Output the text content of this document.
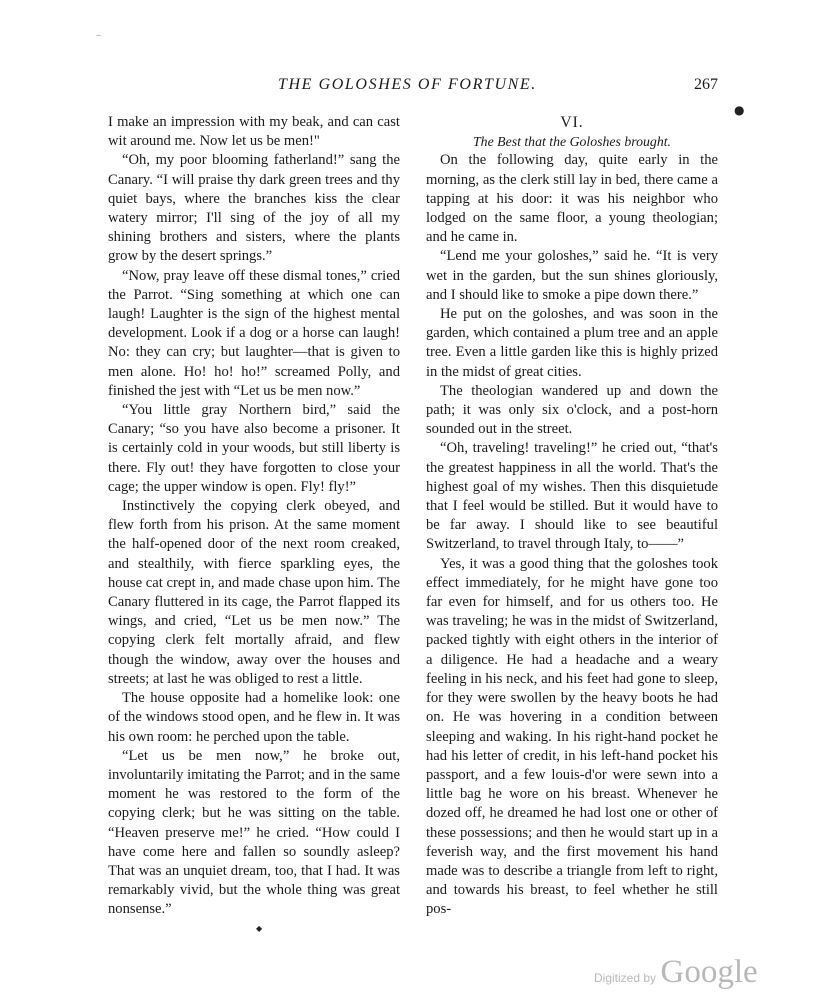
THE GOLOSHES OF FORTUNE.	267
●
–

I make an impression with my beak, and can cast wit around me. Now let us be men!"

“Oh, my poor blooming fatherland!” sang the Canary. “I will praise thy dark green trees and thy quiet bays, where the branches kiss the clear watery mirror; I'll sing of the joy of all my shining brothers and sisters, where the plants grow by the desert springs.”

“Now, pray leave off these dismal tones,” cried the Parrot. “Sing something at which one can laugh! Laughter is the sign of the highest mental development. Look if a dog or a horse can laugh! No: they can cry; but laughter—that is given to men alone. Ho! ho! ho!” screamed Polly, and finished the jest with “Let us be men now.”

“You little gray Northern bird,” said the Canary; “so you have also become a prisoner. It is certainly cold in your woods, but still liberty is there. Fly out! they have forgotten to close your cage; the upper window is open. Fly! fly!”

Instinctively the copying clerk obeyed, and flew forth from his prison. At the same moment the half-opened door of the next room creaked, and stealthily, with fierce sparkling eyes, the house cat crept in, and made chase upon him. The Canary fluttered in its cage, the Parrot flapped its wings, and cried, “Let us be men now.” The copying clerk felt mortally afraid, and flew though the window, away over the houses and streets; at last he was obliged to rest a little.

The house opposite had a homelike look: one of the windows stood open, and he flew in. It was his own room: he perched upon the table.

“Let us be men now,” he broke out, involuntarily imitating the Parrot; and in the same moment he was restored to the form of the copying clerk; but he was sitting on the table. “Heaven preserve me!” he cried. “How could I have come here and fallen so soundly asleep? That was an unquiet dream, too, that I had. It was remarkably vivid, but the whole thing was great nonsense.”

VI.

The Best that the Goloshes brought.

On the following day, quite early in the morning, as the clerk still lay in bed, there came a tapping at his door: it was his neighbor who lodged on the same floor, a young theologian; and he came in.

“Lend me your goloshes,” said he. “It is very wet in the garden, but the sun shines gloriously, and I should like to smoke a pipe down there.”

He put on the goloshes, and was soon in the garden, which contained a plum tree and an apple tree. Even a little garden like this is highly prized in the midst of great cities.

The theologian wandered up and down the path; it was only six o'clock, and a post-horn sounded out in the street.

“Oh, traveling! traveling!” he cried out, “that's the greatest happiness in all the world. That's the highest goal of my wishes. Then this disquietude that I feel would be stilled. But it would have to be far away. I should like to see beautiful Switzerland, to travel through Italy, to——”

Yes, it was a good thing that the goloshes took effect immediately, for he might have gone too far even for himself, and for us others too. He was traveling; he was in the midst of Switzerland, packed tightly with eight others in the interior of a diligence. He had a headache and a weary feeling in his neck, and his feet had gone to sleep, for they were swollen by the heavy boots he had on. He was hovering in a condition between sleeping and waking. In his right-hand pocket he had his letter of credit, in his left-hand pocket his passport, and a few louis-d'or were sewn into a little bag he wore on his breast. Whenever he dozed off, he dreamed he had lost one or other of these possessions; and then he would start up in a feverish way, and the first movement his hand made was to describe a triangle from left to right, and towards his breast, to feel whether he still pos-

◆
Digitized by Google
